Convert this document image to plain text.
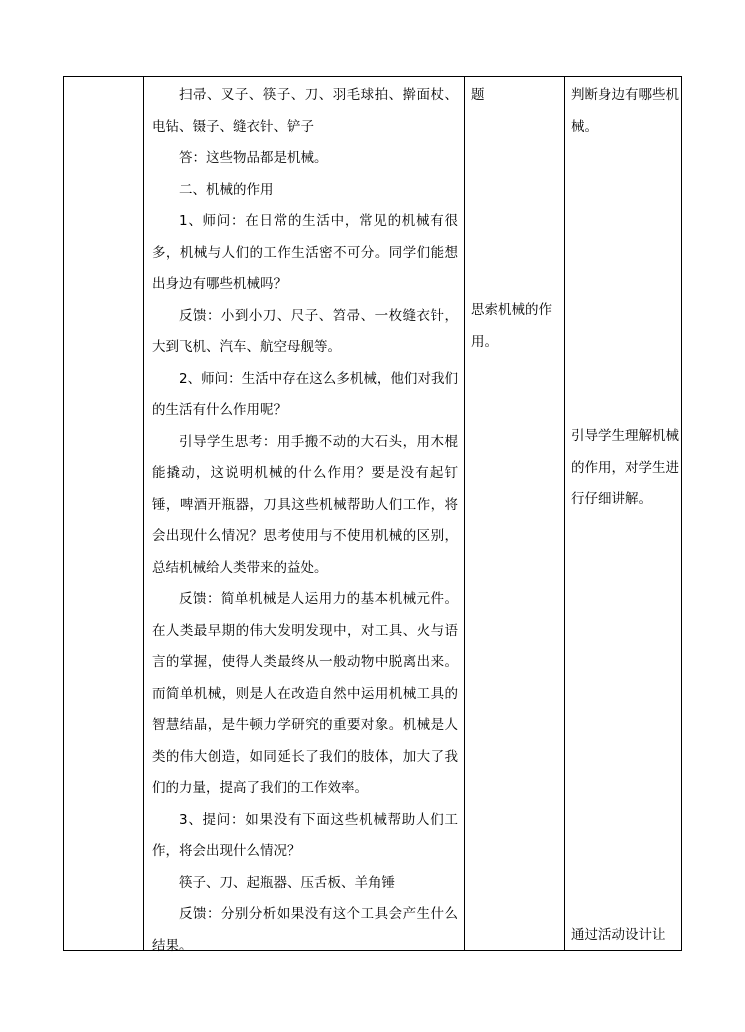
扫帚、叉子、筷子、刀、羽毛球拍、擀面杖、电钻、镊子、缝衣针、铲子

答：这些物品都是机械。

二、机械的作用

1、师问：在日常的生活中，常见的机械有很多，机械与人们的工作生活密不可分。同学们能想出身边有哪些机械吗？

反馈：小到小刀、尺子、笤帚、一枚缝衣针，大到飞机、汽车、航空母舰等。

2、师问：生活中存在这么多机械，他们对我们的生活有什么作用呢？

引导学生思考：用手搬不动的大石头，用木棍能撬动，这说明机械的什么作用？要是没有起钉锤，啤酒开瓶器，刀具这些机械帮助人们工作，将会出现什么情况？思考使用与不使用机械的区别，总结机械给人类带来的益处。

反馈：简单机械是人运用力的基本机械元件。在人类最早期的伟大发明发现中，对工具、火与语言的掌握，使得人类最终从一般动物中脱离出来。而简单机械，则是人在改造自然中运用机械工具的智慧结晶，是牛顿力学研究的重要对象。机械是人类的伟大创造，如同延长了我们的肢体，加大了我们的力量，提高了我们的工作效率。

3、提问：如果没有下面这些机械帮助人们工作，将会出现什么情况？

筷子、刀、起瓶器、压舌板、羊角锤

反馈：分别分析如果没有这个工具会产生什么结果。

题

思索机械的作用。

判断身边有哪些机械。

引导学生理解机械的作用，对学生进行仔细讲解。

通过活动设计让
